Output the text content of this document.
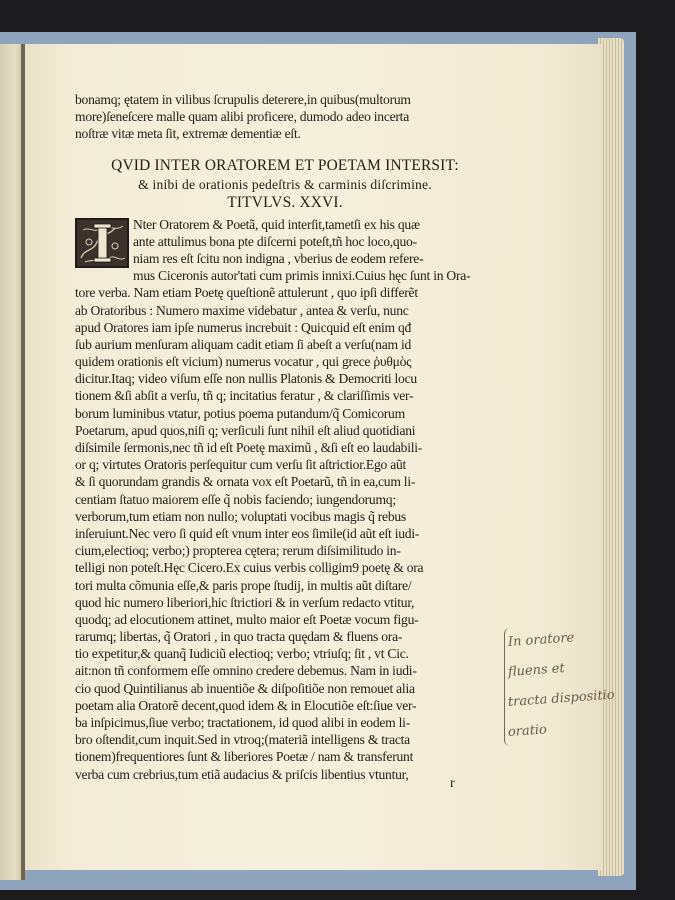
bonamq; ętatem in vilibus ſcrupulis deterere,in quibus(multorum
more)ſeneſcere malle quam alibi proficere, dumodo adeo incerta
noſtræ vitæ meta ſit, extremæ dementiæ eſt.
QVID INTER ORATOREM ET POETAM INTERSIT:
& inibi de orationis pedeſtris & carminis diſcrimine.
TITVLVS. XXVI.
Nter Oratorem & Poetã, quid interſit,tametſi ex his quæ
ante attulimus bona pte diſcerni poteſt,tñ hoc loco,quo-
niam res eſt ſcitu non indigna , vberius de eodem refere-
mus Ciceronis autor'tati cum primis innixi.Cuius hęc ſunt in Ora-
tore verba. Nam etiam Poetę queſtionẽ attulerunt , quo ipſi differẽt
ab Oratoribus : Numero maxime videbatur , antea & verſu, nunc
apud Oratores iam ipſe numerus increbuit : Quicquid eſt enim qđ
ſub aurium menſuram aliquam cadit etiam ſi abeſt a verſu(nam id
quidem orationis eſt vicium) numerus vocatur , qui grece ῥυθμὸς
dicitur.Itaq; video viſum eſſe non nullis Platonis & Democriti locu
tionem &ſi abſit a verſu, tñ q; incitatius feratur , & clariſſimis ver-
borum luminibus vtatur, potius poema putandum/q̃ Comicorum
Poetarum, apud quos,niſi q; verſiculi ſunt nihil eſt aliud quotidiani
diſsimile ſermonis,nec tñ id eſt Poetę maximũ , &ſi eſt eo laudabili-
or q; virtutes Oratoris perſequitur cum verſu ſit aſtrictior.Ego aũt
& ſi quorundam grandis & ornata vox eſt Poetarũ, tñ in ea,cum li-
centiam ſtatuo maiorem eſſe q̃ nobis faciendo; iungendorumq;
verborum,tum etiam non nullo; voluptati vocibus magis q̃ rebus
inſeruiunt.Nec vero ſi quid eſt vnum inter eos ſimile(id aũt eſt iudi-
cium,electioq; verbo;) propterea cętera; rerum diſsimilitudo in-
telligi non poteſt.Hęc Cicero.Ex cuius verbis colligim9 poetę & ora
tori multa cõmunia eſſe,& paris prope ſtudij, in multis aũt diſtare/
quod hic numero liberiori,hic ſtrictiori & in verſum redacto vtitur,
quodq; ad elocutionem attinet, multo maior eſt Poetæ vocum figu-
rarumq; libertas, q̃ Oratori , in quo tracta quędam & fluens ora-
tio expetitur,& quanq̃ Iudiciũ electioq; verbo; vtriuſq; ſit , vt Cic.
ait:non tñ conformem eſſe omnino credere debemus. Nam in iudi-
cio quod Quintilianus ab inuentiõe & diſpoſitiõe non remouet alia
poetam alia Oratorẽ decent,quod idem & in Elocutiõe eſt:ſiue ver-
ba inſpicimus,ſiue verbo; tractationem, id quod alibi in eodem li-
bro oſtendit,cum inquit.Sed in vtroq;(materiã intelligens & tracta
tionem)frequentiores ſunt & liberiores Poetæ / nam & transferunt
verba cum crebrius,tum etiã audacius & priſcis libentius vtuntur,
r
In oratore
fluens et
tracta dispositio
oratio
